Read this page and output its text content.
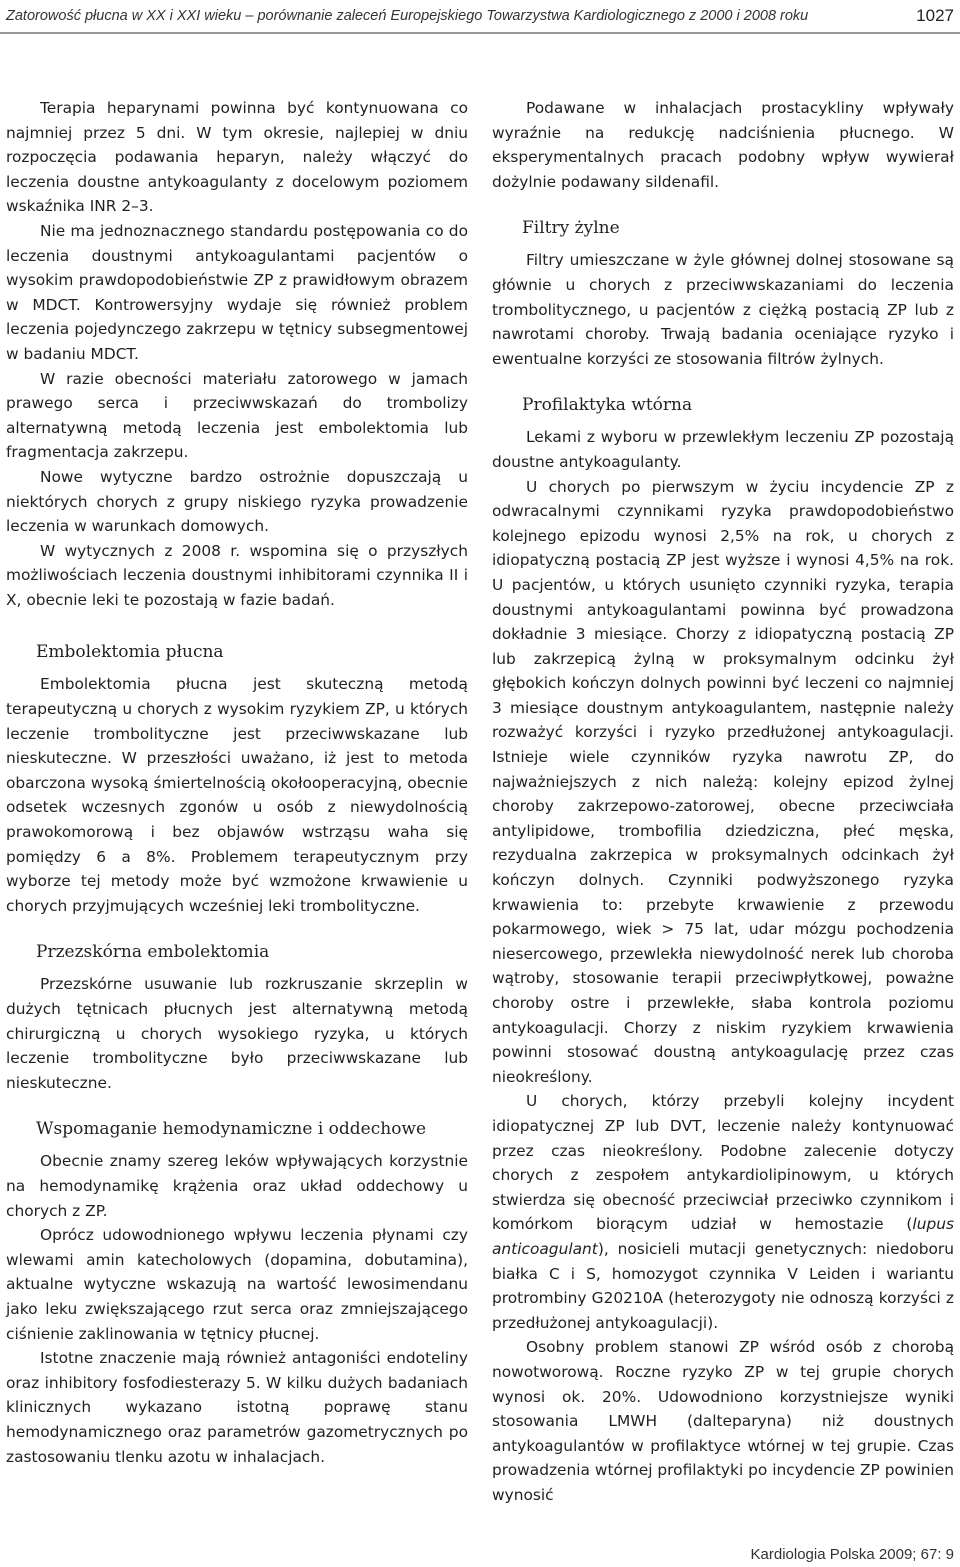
Zatorowość płucna w XX i XXI wieku – porównanie zaleceń Europejskiego Towarzystwa Kardiologicznego z 2000 i 2008 roku	1027

Terapia heparynami powinna być kontynuowana co najmniej przez 5 dni. W tym okresie, najlepiej w dniu rozpoczęcia podawania heparyn, należy włączyć do leczenia doustne antykoagulanty z docelowym poziomem wskaźnika INR 2–3.

Nie ma jednoznacznego standardu postępowania co do leczenia doustnymi antykoagulantami pacjentów o wysokim prawdopodobieństwie ZP z prawidłowym obrazem w MDCT. Kontrowersyjny wydaje się również problem leczenia pojedynczego zakrzepu w tętnicy subsegmentowej w badaniu MDCT.

W razie obecności materiału zatorowego w jamach prawego serca i przeciwwskazań do trombolizy alternatywną metodą leczenia jest embolektomia lub fragmentacja zakrzepu.

Nowe wytyczne bardzo ostrożnie dopuszczają u niektórych chorych z grupy niskiego ryzyka prowadzenie leczenia w warunkach domowych.

W wytycznych z 2008 r. wspomina się o przyszłych możliwościach leczenia doustnymi inhibitorami czynnika II i X, obecnie leki te pozostają w fazie badań.

Embolektomia płucna

Embolektomia płucna jest skuteczną metodą terapeutyczną u chorych z wysokim ryzykiem ZP, u których leczenie trombolityczne jest przeciwwskazane lub nieskuteczne. W przeszłości uważano, iż jest to metoda obarczona wysoką śmiertelnością okołooperacyjną, obecnie odsetek wczesnych zgonów u osób z niewydolnością prawokomorową i bez objawów wstrząsu waha się pomiędzy 6 a 8%. Problemem terapeutycznym przy wyborze tej metody może być wzmożone krwawienie u chorych przyjmujących wcześniej leki trombolityczne.

Przezskórna embolektomia

Przezskórne usuwanie lub rozkruszanie skrzeplin w dużych tętnicach płucnych jest alternatywną metodą chirurgiczną u chorych wysokiego ryzyka, u których leczenie trombolityczne było przeciwwskazane lub nieskuteczne.

Wspomaganie hemodynamiczne i oddechowe

Obecnie znamy szereg leków wpływających korzystnie na hemodynamikę krążenia oraz układ oddechowy u chorych z ZP.

Oprócz udowodnionego wpływu leczenia płynami czy wlewami amin katecholowych (dopamina, dobutamina), aktualne wytyczne wskazują na wartość lewosimendanu jako leku zwiększającego rzut serca oraz zmniejszającego ciśnienie zaklinowania w tętnicy płucnej.

Istotne znaczenie mają również antagoniści endoteliny oraz inhibitory fosfodiesterazy 5. W kilku dużych badaniach klinicznych wykazano istotną poprawę stanu hemodynamicznego oraz parametrów gazometrycznych po zastosowaniu tlenku azotu w inhalacjach.

Podawane w inhalacjach prostacykliny wpływały wyraźnie na redukcję nadciśnienia płucnego. W eksperymentalnych pracach podobny wpływ wywierał dożylnie podawany sildenafil.

Filtry żylne

Filtry umieszczane w żyle głównej dolnej stosowane są głównie u chorych z przeciwwskazaniami do leczenia trombolitycznego, u pacjentów z ciężką postacią ZP lub z nawrotami choroby. Trwają badania oceniające ryzyko i ewentualne korzyści ze stosowania filtrów żylnych.

Profilaktyka wtórna

Lekami z wyboru w przewlekłym leczeniu ZP pozostają doustne antykoagulanty.

U chorych po pierwszym w życiu incydencie ZP z odwracalnymi czynnikami ryzyka prawdopodobieństwo kolejnego epizodu wynosi 2,5% na rok, u chorych z idiopatyczną postacią ZP jest wyższe i wynosi 4,5% na rok. U pacjentów, u których usunięto czynniki ryzyka, terapia doustnymi antykoagulantami powinna być prowadzona dokładnie 3 miesiące. Chorzy z idiopatyczną postacią ZP lub zakrzepicą żylną w proksymalnym odcinku żył głębokich kończyn dolnych powinni być leczeni co najmniej 3 miesiące doustnym antykoagulantem, następnie należy rozważyć korzyści i ryzyko przedłużonej antykoagulacji. Istnieje wiele czynników ryzyka nawrotu ZP, do najważniejszych z nich należą: kolejny epizod żylnej choroby zakrzepowo-zatorowej, obecne przeciwciała antylipidowe, trombofilia dziedziczna, płeć męska, rezydualna zakrzepica w proksymalnych odcinkach żył kończyn dolnych. Czynniki podwyższonego ryzyka krwawienia to: przebyte krwawienie z przewodu pokarmowego, wiek > 75 lat, udar mózgu pochodzenia niesercowego, przewlekła niewydolność nerek lub choroba wątroby, stosowanie terapii przeciwpłytkowej, poważne choroby ostre i przewlekłe, słaba kontrola poziomu antykoagulacji. Chorzy z niskim ryzykiem krwawienia powinni stosować doustną antykoagulację przez czas nieokreślony.

U chorych, którzy przebyli kolejny incydent idiopatycznej ZP lub DVT, leczenie należy kontynuować przez czas nieokreślony. Podobne zalecenie dotyczy chorych z zespołem antykardiolipinowym, u których stwierdza się obecność przeciwciał przeciwko czynnikom i komórkom biorącym udział w hemostazie (lupus anticoagulant), nosicieli mutacji genetycznych: niedoboru białka C i S, homozygot czynnika V Leiden i wariantu protrombiny G20210A (heterozygoty nie odnoszą korzyści z przedłużonej antykoagulacji).

Osobny problem stanowi ZP wśród osób z chorobą nowotworową. Roczne ryzyko ZP w tej grupie chorych wynosi ok. 20%. Udowodniono korzystniejsze wyniki stosowania LMWH (dalteparyna) niż doustnych antykoagulantów w profilaktyce wtórnej w tej grupie. Czas prowadzenia wtórnej profilaktyki po incydencie ZP powinien wynosić

Kardiologia Polska 2009; 67: 9
